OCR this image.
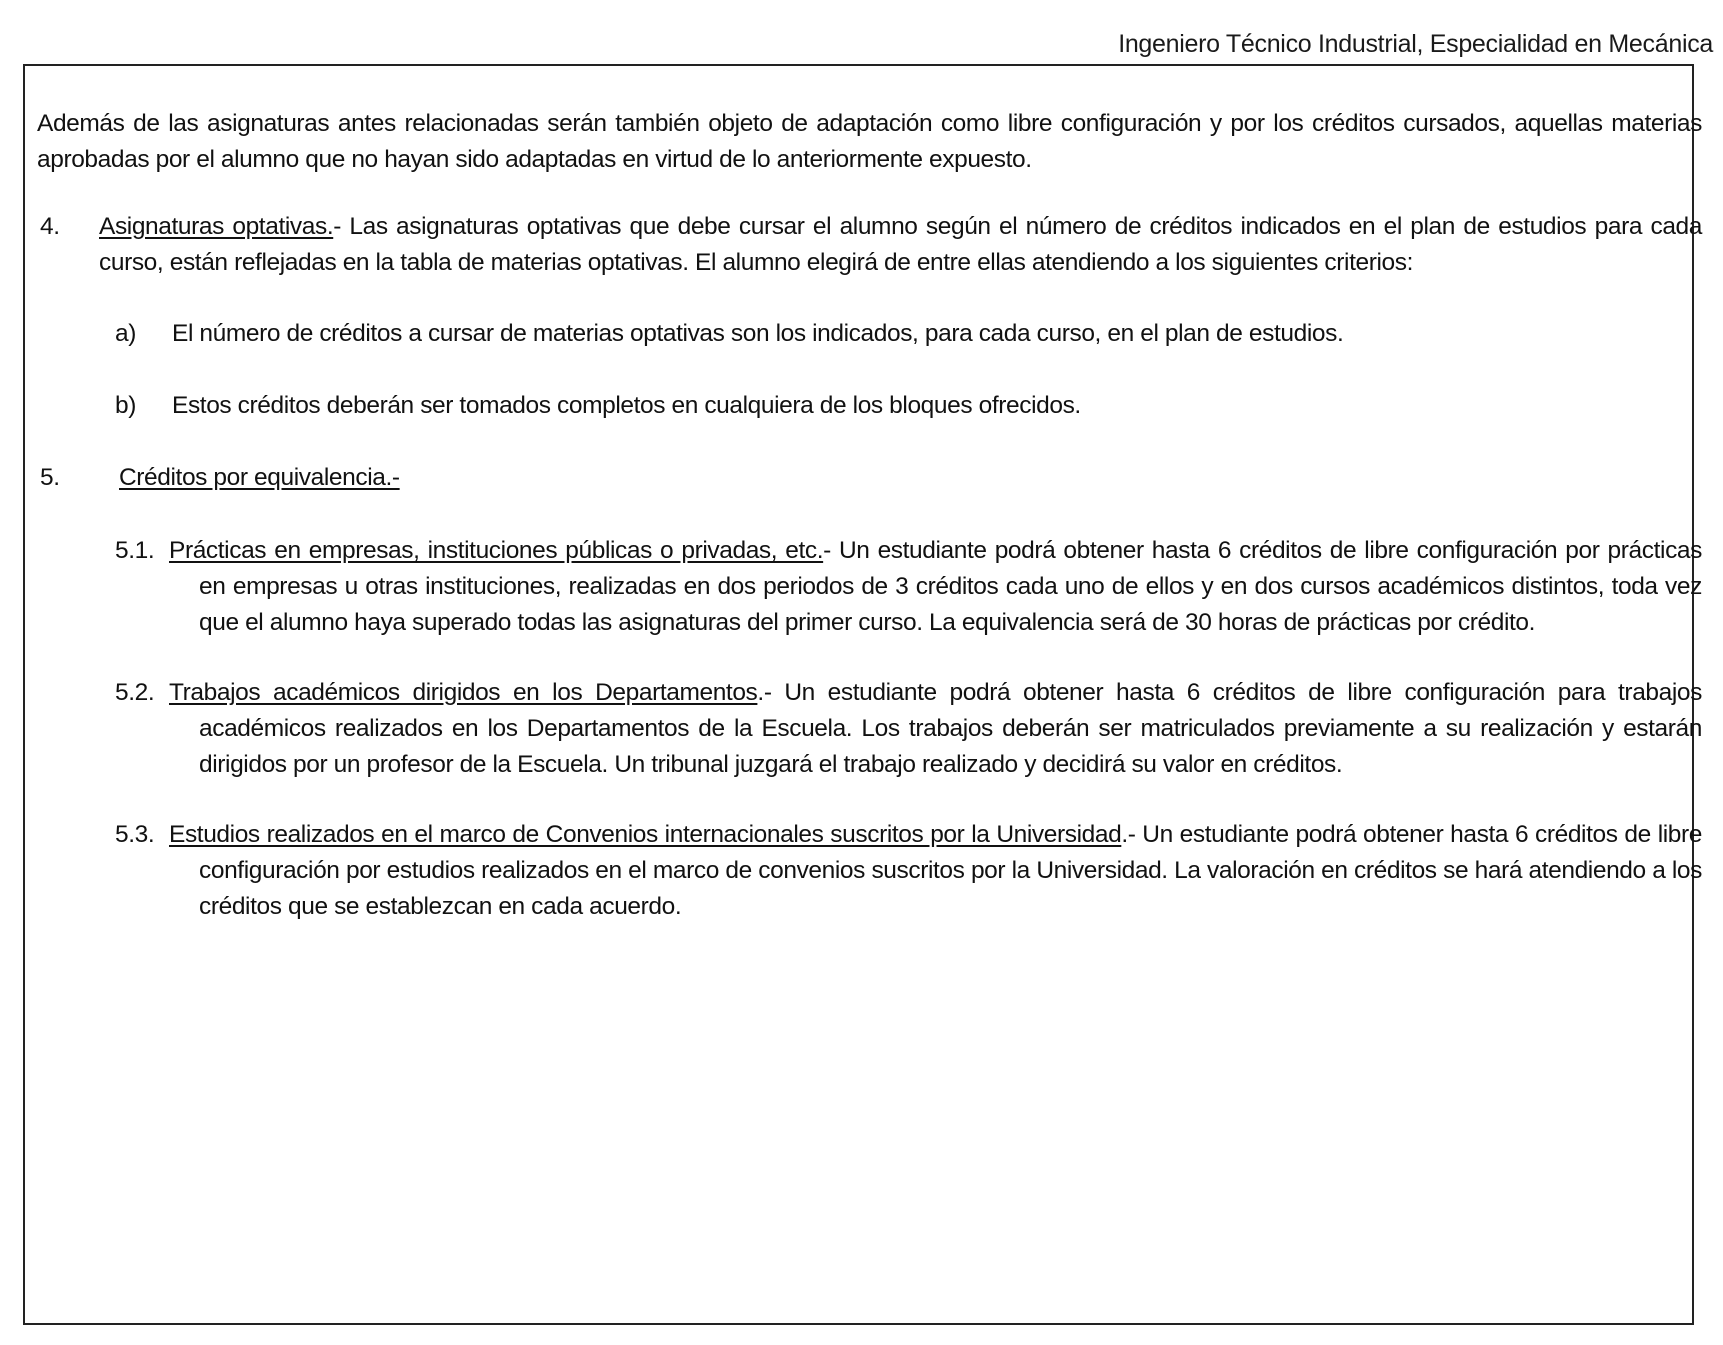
Ingeniero Técnico Industrial, Especialidad en Mecánica

Además de las asignaturas antes relacionadas serán también objeto de adaptación como libre configuración y por los créditos cursados, aquellas materias aprobadas por el alumno que no hayan sido adaptadas en virtud de lo anteriormente expuesto.

4. Asignaturas optativas.- Las asignaturas optativas que debe cursar el alumno según el número de créditos indicados en el plan de estudios para cada curso, están reflejadas en la tabla de materias optativas. El alumno elegirá de entre ellas atendiendo a los siguientes criterios:
a) El número de créditos a cursar de materias optativas son los indicados, para cada curso, en el plan de estudios.
b) Estos créditos deberán ser tomados completos en cualquiera de los bloques ofrecidos.
5. Créditos por equivalencia.-
5.1. Prácticas en empresas, instituciones públicas o privadas, etc.- Un estudiante podrá obtener hasta 6 créditos de libre configuración por prácticas en empresas u otras instituciones, realizadas en dos periodos de 3 créditos cada uno de ellos y en dos cursos académicos distintos, toda vez que el alumno haya superado todas las asignaturas del primer curso. La equivalencia será de 30 horas de prácticas por crédito.
5.2. Trabajos académicos dirigidos en los Departamentos.- Un estudiante podrá obtener hasta 6 créditos de libre configuración para trabajos académicos realizados en los Departamentos de la Escuela. Los trabajos deberán ser matriculados previamente a su realización y estarán dirigidos por un profesor de la Escuela. Un tribunal juzgará el trabajo realizado y decidirá su valor en créditos.
5.3. Estudios realizados en el marco de Convenios internacionales suscritos por la Universidad.- Un estudiante podrá obtener hasta 6 créditos de libre configuración por estudios realizados en el marco de convenios suscritos por la Universidad. La valoración en créditos se hará atendiendo a los créditos que se establezcan en cada acuerdo.
